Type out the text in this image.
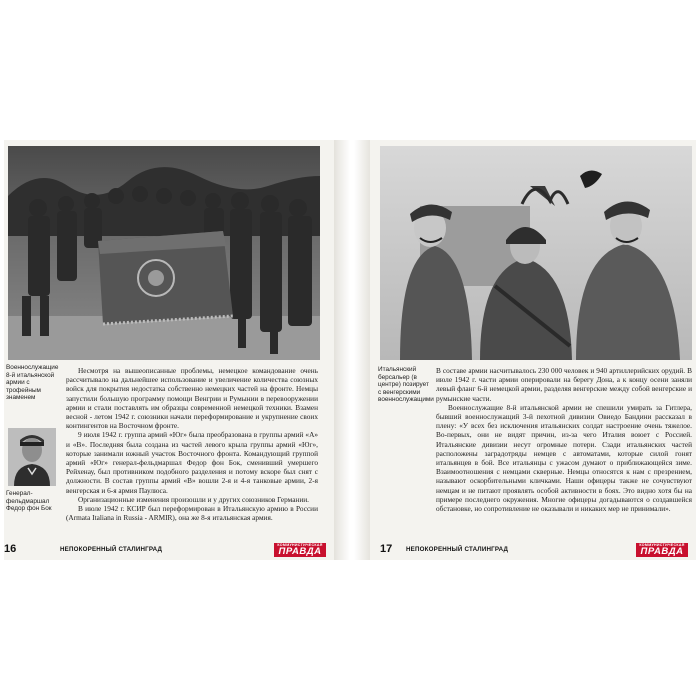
Военнослужащие 8-й итальянской армии с трофейным знаменем
Генерал-фельдмаршал Федор фон Бок

Несмотря на вышеописанные проблемы, немецкое командование очень рассчитывало на дальнейшее использование и увеличение количества союзных войск для покрытия недостатка собственно немецких частей на фронте. Немцы запустили большую программу помощи Венгрии и Румынии в перевооружении армии и стали поставлять им образцы современной немецкой техники. Взамен весной - летом 1942 г. союзники начали переформирование и укрупнение своих контингентов на Восточном фронте.

9 июля 1942 г. группа армий «Юг» была преобразована в группы армий «А» и «В». Последняя была создана из частей левого крыла группы армий «Юг», которые занимали южный участок Восточного фронта. Командующий группой армий «Юг» генерал-фельдмаршал Федор фон Бок, сменивший умершего Рейхенау, был противником подобного разделения и потому вскоре был снят с должности. В состав группы армий «В» вошли 2-я и 4-я танковые армии, 2-я венгерская и 6-я армия Паулюса.

Организационные изменения произошли и у других союзников Германии.

В июле 1942 г. КСИР был переформирован в Итальянскую армию в России (Armata Italiana in Russia - ARMIR), она же 8-я итальянская армия.

16	НЕПОКОРЕННЫЙ СТАЛИНГРАД
КОММУНИСТИЧЕСКАЯ
ПРАВДА
Итальянский берсальер (в центре) позирует с венгерскими военнослужащими

В составе армии насчитывалось 230 000 человек и 940 артиллерийских орудий. В июле 1942 г. части армии оперировали на берегу Дона, а к концу осени заняли левый фланг 6-й немецкой армии, разделяя венгерские между собой венгерские и румынские части.

Военнослужащие 8-й итальянской армии не спешили умирать за Гитлера, бывший военнослужащий 3-й пехотной дивизии Овиедо Бандини рассказал в плену: «У всех без исключения итальянских солдат настроение очень тяжелое. Во-первых, они не видят причин, из-за чего Италия воюет с Россией. Итальянские дивизии несут огромные потери. Сзади итальянских частей расположены заградотряды немцев с автоматами, которые силой гонят итальянцев в бой. Все итальянцы с ужасом думают о приближающейся зиме. Взаимоотношения с немцами скверные. Немцы относятся к нам с презрением, называют оскорбительными кличками. Наши офицеры также не сочувствуют немцам и не питают проявлять особой активности в боях. Это видно хотя бы на примере последнего окружения. Многие офицеры догадываются о создавшейся обстановке, но сопротивление не оказывали и никаких мер не принимали».

17 НЕПОКОРЕННЫЙ СТАЛИНГРАД
КОММУНИСТИЧЕСКАЯ
ПРАВДА
